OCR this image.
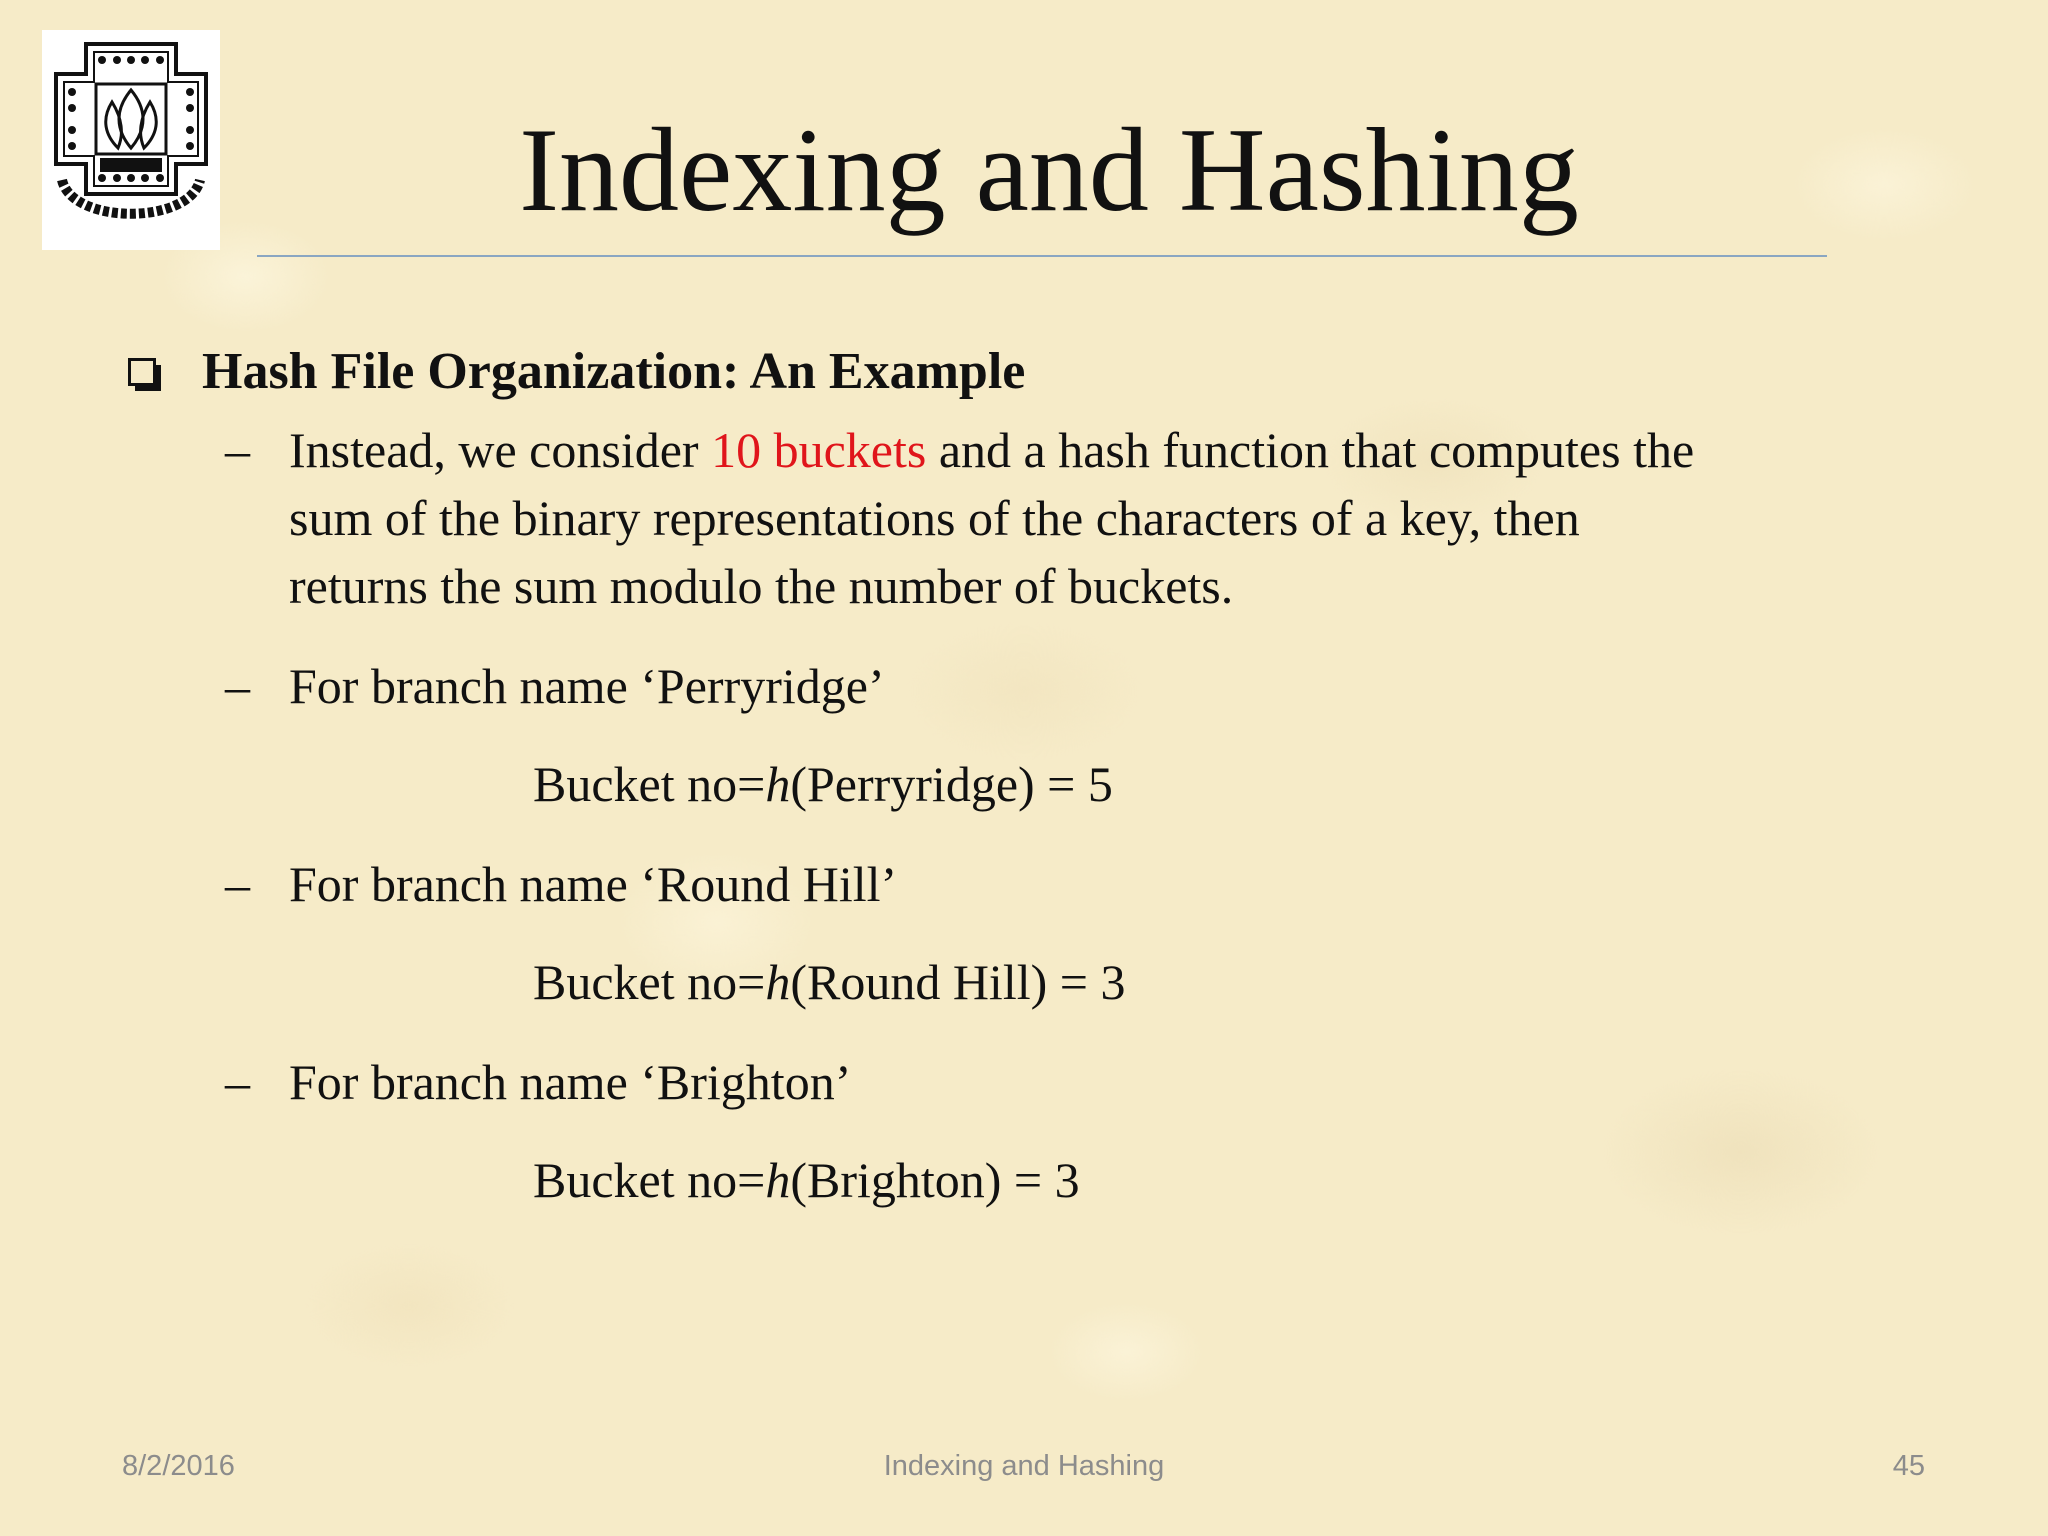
Indexing and Hashing
Hash File Organization: An Example
– Instead, we consider 10 buckets and a hash function that computes the
sum of the binary representations of the characters of a key, then
returns the sum modulo the number of buckets.
– For branch name ‘Perryridge’
Bucket no=h(Perryridge) = 5
– For branch name ‘Round Hill’
Bucket no=h(Round Hill) = 3
– For branch name ‘Brighton’
Bucket no=h(Brighton) = 3
8/2/2016	Indexing and Hashing	45
